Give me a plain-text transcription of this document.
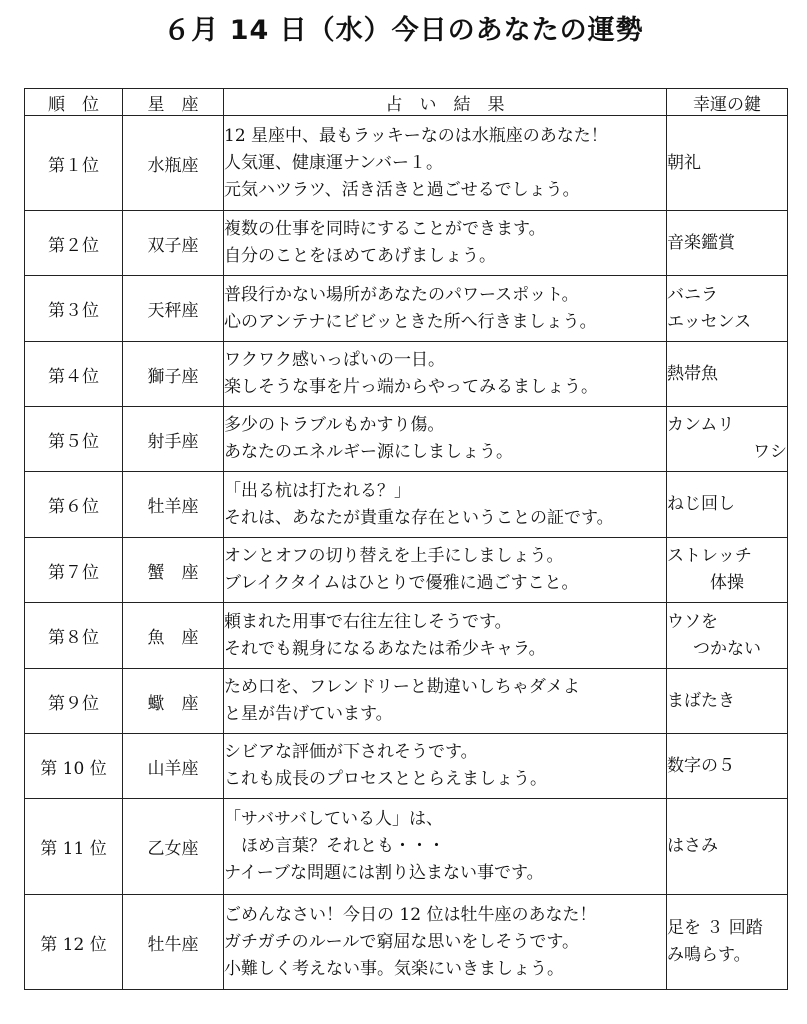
６月 14 日（水）今日のあなたの運勢
順　位	星　座	占　い　結　果	幸運の鍵
第１位	水瓶座	12 星座中、最もラッキーなのは水瓶座のあなた！
人気運、健康運ナンバー１。
元気ハツラツ、活き活きと過ごせるでしょう。	朝礼

第２位	双子座	複数の仕事を同時にすることができます。
自分のことをほめてあげましょう。	音楽鑑賞

第３位	天秤座	普段行かない場所があなたのパワースポット。
心のアンテナにビビッときた所へ行きましょう。	バニラ
エッセンス

第４位	獅子座	ワクワク感いっぱいの一日。
楽しそうな事を片っ端からやってみるましょう。	熱帯魚

第５位	射手座	多少のトラブルもかすり傷。
あなたのエネルギー源にしましょう。	カンムリ
ワシ

第６位	牡羊座	「出る杭は打たれる？」
それは、あなたが貴重な存在ということの証です。	ねじ回し

第７位	蟹　座	オンとオフの切り替えを上手にしましょう。
ブレイクタイムはひとりで優雅に過ごすこと。	ストレッチ
体操

第８位	魚　座	頼まれた用事で右往左往しそうです。
それでも親身になるあなたは希少キャラ。	ウソを
つかない

第９位	蠍　座	ため口を、フレンドリーと勘違いしちゃダメよ
と星が告げています。	まばたき

第 10 位	山羊座	シビアな評価が下されそうです。
これも成長のプロセスととらえましょう。	数字の５

第 11 位	乙女座	「サバサバしている人」は、
　ほめ言葉？それとも・・・
ナイーブな問題には割り込まない事です。	はさみ

第 12 位	牡牛座	ごめんなさい！今日の 12 位は牡牛座のあなた！
ガチガチのルールで窮屈な思いをしそうです。
小難しく考えない事。気楽にいきましょう。	足を ３ 回踏
み鳴らす。
